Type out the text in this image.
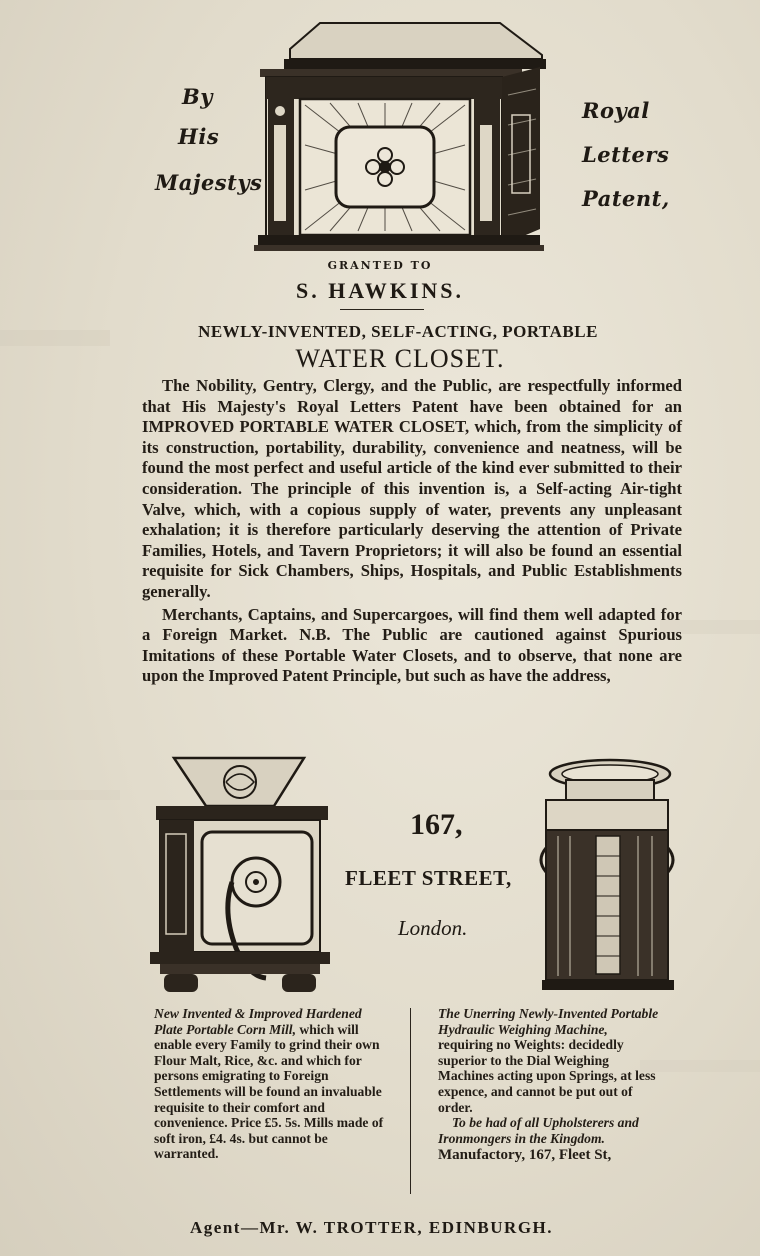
By
His
Majestys
Royal
Letters
Patent,
GRANTED TO
S. HAWKINS.
NEWLY-INVENTED, SELF-ACTING, PORTABLE
WATER CLOSET.

The Nobility, Gentry, Clergy, and the Public, are respectfully informed that His Majesty's Royal Letters Patent have been obtained for an IMPROVED PORTABLE WATER CLOSET, which, from the simplicity of its construction, portability, durability, convenience and neatness, will be found the most perfect and useful article of the kind ever submitted to their consideration. The principle of this invention is, a Self-acting Air-tight Valve, which, with a copious supply of water, prevents any unpleasant exhalation; it is therefore particularly deserving the attention of Private Families, Hotels, and Tavern Proprietors; it will also be found an essential requisite for Sick Chambers, Ships, Hospitals, and Public Establishments generally.

Merchants, Captains, and Supercargoes, will find them well adapted for a Foreign Market. N.B. The Public are cautioned against Spurious Imitations of these Portable Water Closets, and to observe, that none are upon the Improved Patent Principle, but such as have the address,

167,
FLEET STREET,
London.
New Invented & Improved Hardened Plate Portable Corn Mill, which will enable every Family to grind their own Flour Malt, Rice, &c. and which for persons emigrating to Foreign Settlements will be found an invaluable requisite to their comfort and convenience. Price £5. 5s. Mills made of soft iron, £4. 4s. but cannot be warranted.
The Unerring Newly-Invented Portable Hydraulic Weighing Machine, requiring no Weights: decidedly superior to the Dial Weighing Machines acting upon Springs, at less expence, and cannot be put out of order.
To be had of all Upholsterers and Ironmongers in the Kingdom.
Manufactory, 167, Fleet St,
Agent—Mr. W. TROTTER, EDINBURGH.
